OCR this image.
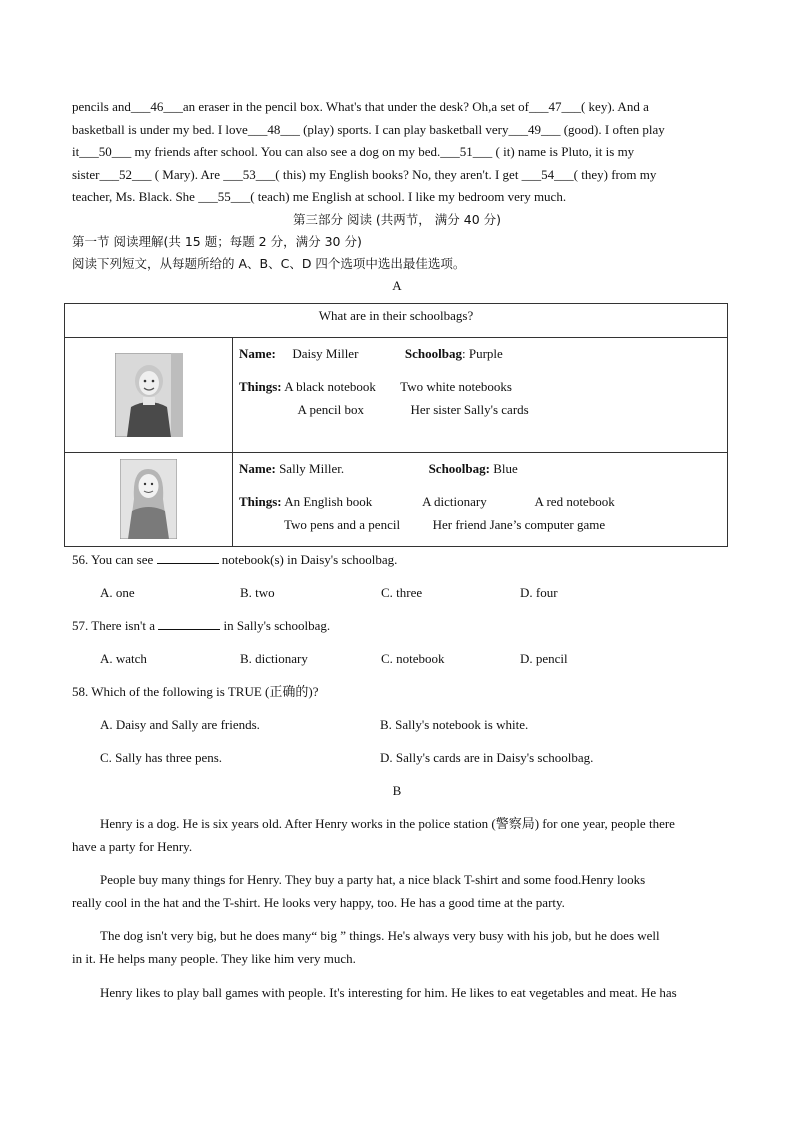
pencils and___46___an eraser in the pencil box. What's that under the desk? Oh,a set of___47___( key). And a

basketball is under my bed. I love___48___ (play) sports. I can play basketball very___49___ (good). I often play

it___50___ my friends after school. You can also see a dog on my bed.___51___ ( it) name is Pluto, it is my

sister___52___ ( Mary). Are ___53___( this) my English books? No, they aren't. I get ___54___( they) from my

teacher, Ms. Black. She ___55___( teach) me English at school. I like my bedroom very much.

第三部分 阅读 (共两节， 满分 40 分)

第一节 阅读理解(共 15 题；每题 2 分，满分 30 分)

阅读下列短文，从每题所给的 A、B、C、D 四个选项中选出最佳选项。

A

What are in their schoolbags?	

Name: Daisy Miller Schoolbag: Purple
Things: A black notebook Two white notebooks
A pencil box Her sister Sally's cards

Name: Sally Miller. Schoolbag: Blue
Things: An English book A dictionary A red notebook
Two pens and a pencil Her friend Jane’s computer game

56. You can see	notebook(s) in Daisy's schoolbag.

A. one	B. two	C. three	D. four

57. There isn't a	in Sally's schoolbag.

A. watch	B. dictionary	C. notebook	D. pencil

58. Which of the following is TRUE (正确的)?

A. Daisy and Sally are friends.	B. Sally's notebook is white.
C. Sally has three pens.	D. Sally's cards are in Daisy's schoolbag.

B

Henry is a dog. He is six years old. After Henry works in the police station (警察局) for one year, people there

have a party for Henry.

People buy many things for Henry. They buy a party hat, a nice black T-shirt and some food.Henry looks

really cool in the hat and the T-shirt. He looks very happy, too. He has a good time at the party.

The dog isn't very big, but he does many“ big ” things. He's always very busy with his job, but he does well

in it. He helps many people. They like him very much.

Henry likes to play ball games with people. It's interesting for him. He likes to eat vegetables and meat. He has
